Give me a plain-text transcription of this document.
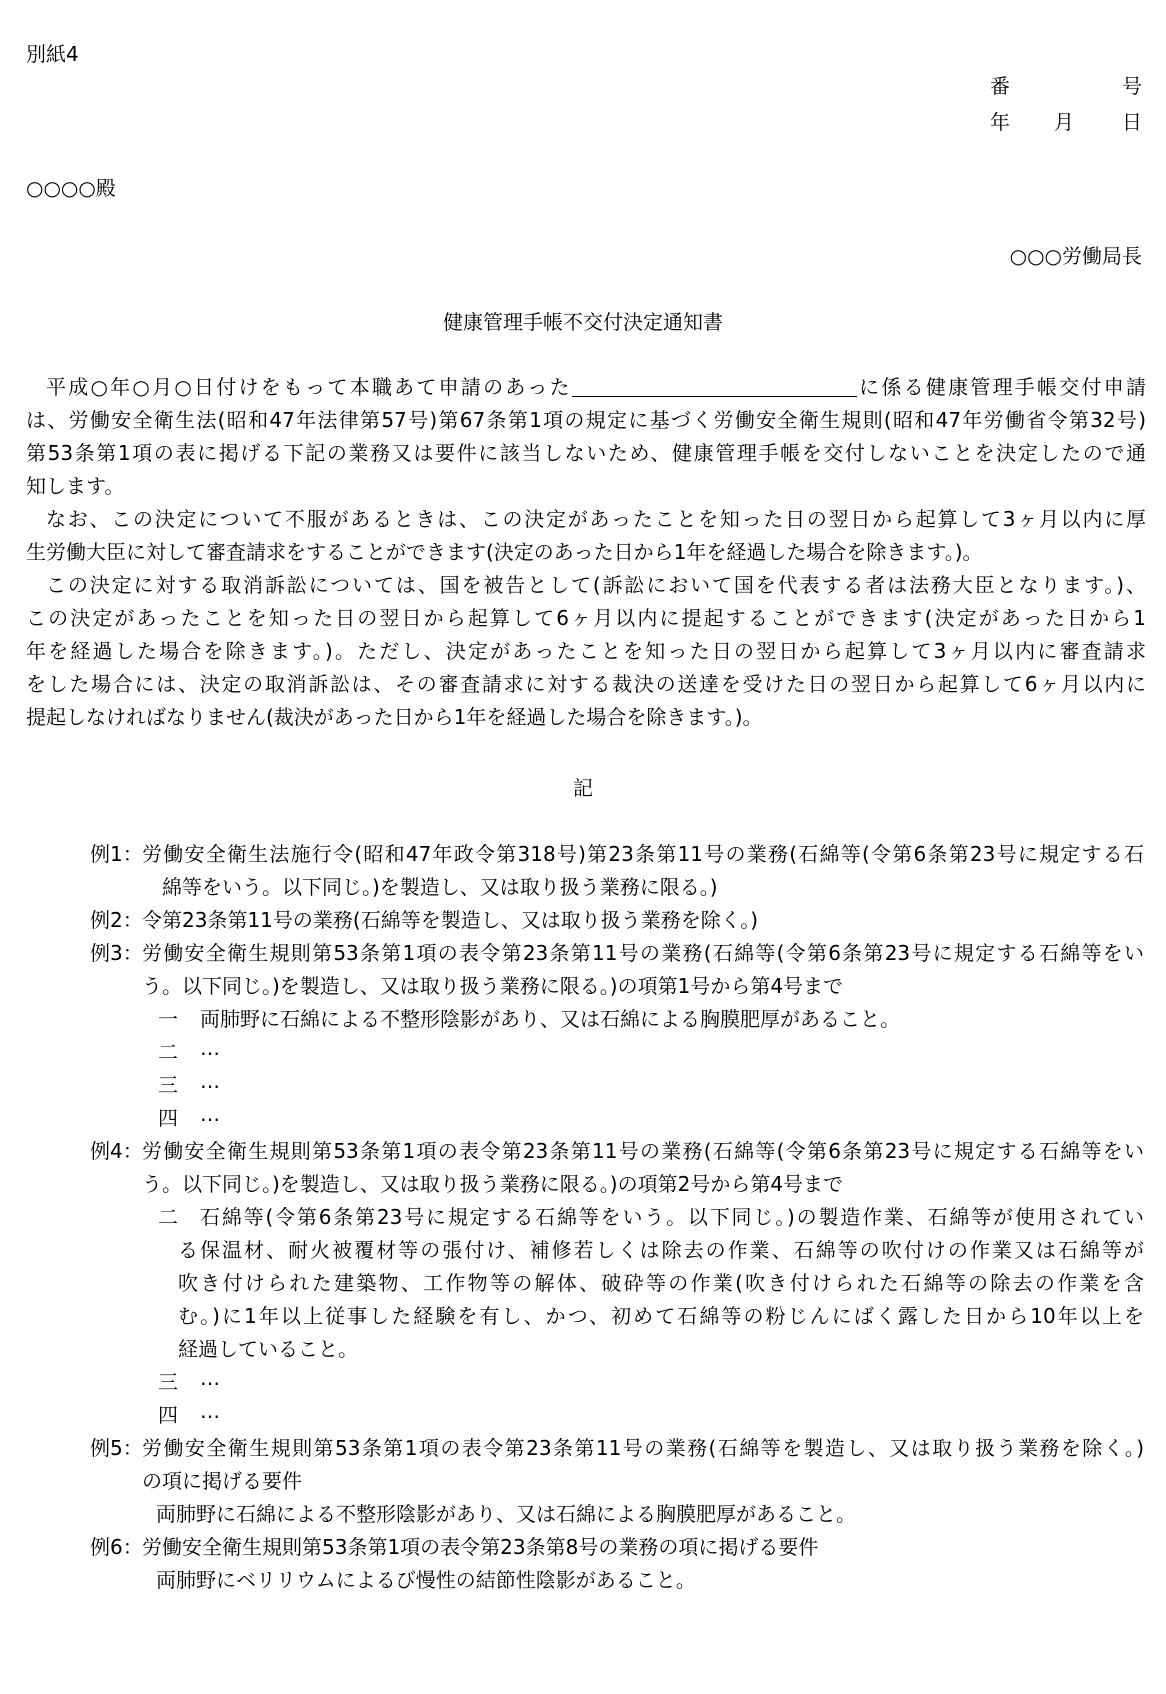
別紙4
番	号
年 月 日
○○○○殿
○○○労働局長
健康管理手帳不交付決定通知書
平成○年○月○日付けをもって本職あて申請のあった	に係る健康管理手帳交付申請
は、労働安全衛生法(昭和47年法律第57号)第67条第1項の規定に基づく労働安全衛生規則(昭和47年労働省令第32号)
第53条第1項の表に掲げる下記の業務又は要件に該当しないため、健康管理手帳を交付しないことを決定したので通
知します。
なお、この決定について不服があるときは、この決定があったことを知った日の翌日から起算して3ヶ月以内に厚
生労働大臣に対して審査請求をすることができます(決定のあった日から1年を経過した場合を除きます。)。
この決定に対する取消訴訟については、国を被告として(訴訟において国を代表する者は法務大臣となります。)、
この決定があったことを知った日の翌日から起算して6ヶ月以内に提起することができます(決定があった日から1
年を経過した場合を除きます。)。ただし、決定があったことを知った日の翌日から起算して3ヶ月以内に審査請求
をした場合には、決定の取消訴訟は、その審査請求に対する裁決の送達を受けた日の翌日から起算して6ヶ月以内に
提起しなければなりません(裁決があった日から1年を経過した場合を除きます。)。
記
例1： 労働安全衛生法施行令(昭和47年政令第318号)第23条第11号の業務(石綿等(令第6条第23号に規定する石
綿等をいう。以下同じ。)を製造し、又は取り扱う業務に限る。)
例2： 令第23条第11号の業務(石綿等を製造し、又は取り扱う業務を除く。)
例3： 労働安全衛生規則第53条第1項の表令第23条第11号の業務(石綿等(令第6条第23号に規定する石綿等をい
う。以下同じ。)を製造し、又は取り扱う業務に限る。)の項第1号から第4号まで
一 両肺野に石綿による不整形陰影があり、又は石綿による胸膜肥厚があること。
二 …
三 …
四 …
例4： 労働安全衛生規則第53条第1項の表令第23条第11号の業務(石綿等(令第6条第23号に規定する石綿等をい
う。以下同じ。)を製造し、又は取り扱う業務に限る。)の項第2号から第4号まで
二 石綿等(令第6条第23号に規定する石綿等をいう。以下同じ。)の製造作業、石綿等が使用されてい
る保温材、耐火被覆材等の張付け、補修若しくは除去の作業、石綿等の吹付けの作業又は石綿等が
吹き付けられた建築物、工作物等の解体、破砕等の作業(吹き付けられた石綿等の除去の作業を含
む。)に1年以上従事した経験を有し、かつ、初めて石綿等の粉じんにばく露した日から10年以上を
経過していること。
三 …
四 …
例5： 労働安全衛生規則第53条第1項の表令第23条第11号の業務(石綿等を製造し、又は取り扱う業務を除く。)
の項に掲げる要件
両肺野に石綿による不整形陰影があり、又は石綿による胸膜肥厚があること。
例6： 労働安全衛生規則第53条第1項の表令第23条第8号の業務の項に掲げる要件
両肺野にベリリウムによるび慢性の結節性陰影があること。
